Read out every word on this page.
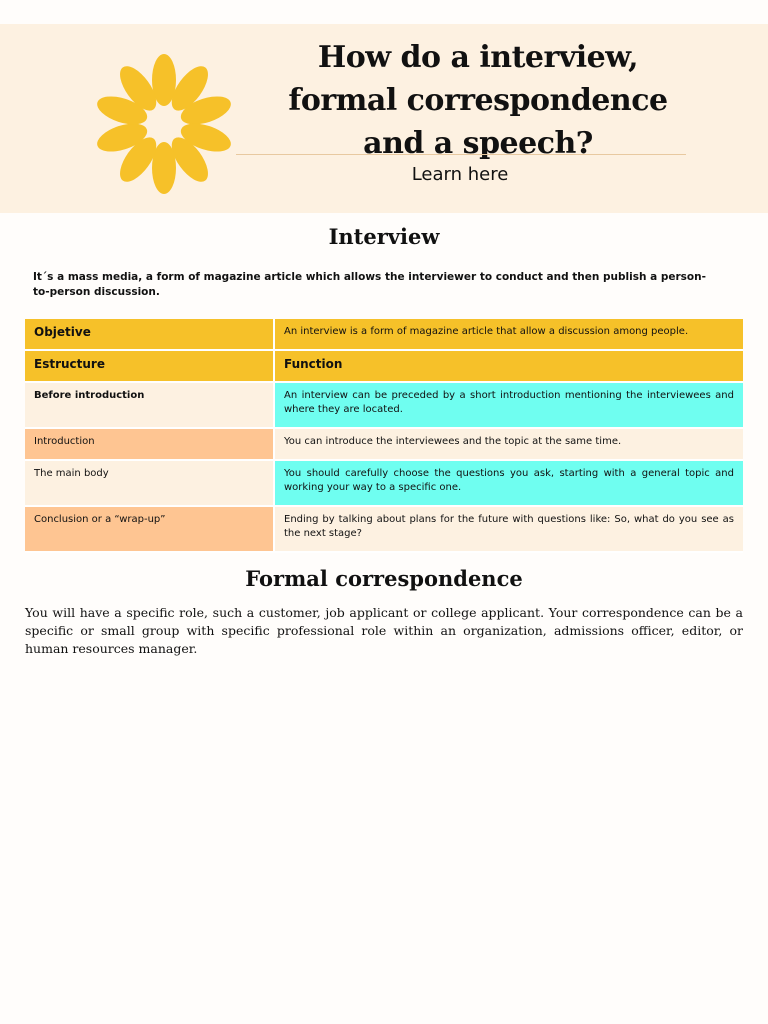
How do a interview,
formal correspondence
and a speech?
Learn here
Interview

It´s a mass media, a form of magazine article which allows the interviewer to conduct and then publish a person-to-person discussion.

Objetive	An interview is a form of magazine article that allow a discussion among people.
Estructure	Function
Before introduction	An interview can be preceded by a short introduction mentioning the interviewees and where they are located.
Introduction	You can introduce the interviewees and the topic at the same time.
The main body	You should carefully choose the questions you ask, starting with a general topic and working your way to a specific one.
Conclusion or a “wrap-up”	Ending by talking about plans for the future with questions like: So, what do you see as the next stage?
Formal correspondence

You will have a specific role, such a customer, job applicant or college applicant. Your correspondence can be a specific or small group with specific professional role within an organization, admissions officer, editor, or human resources manager.
